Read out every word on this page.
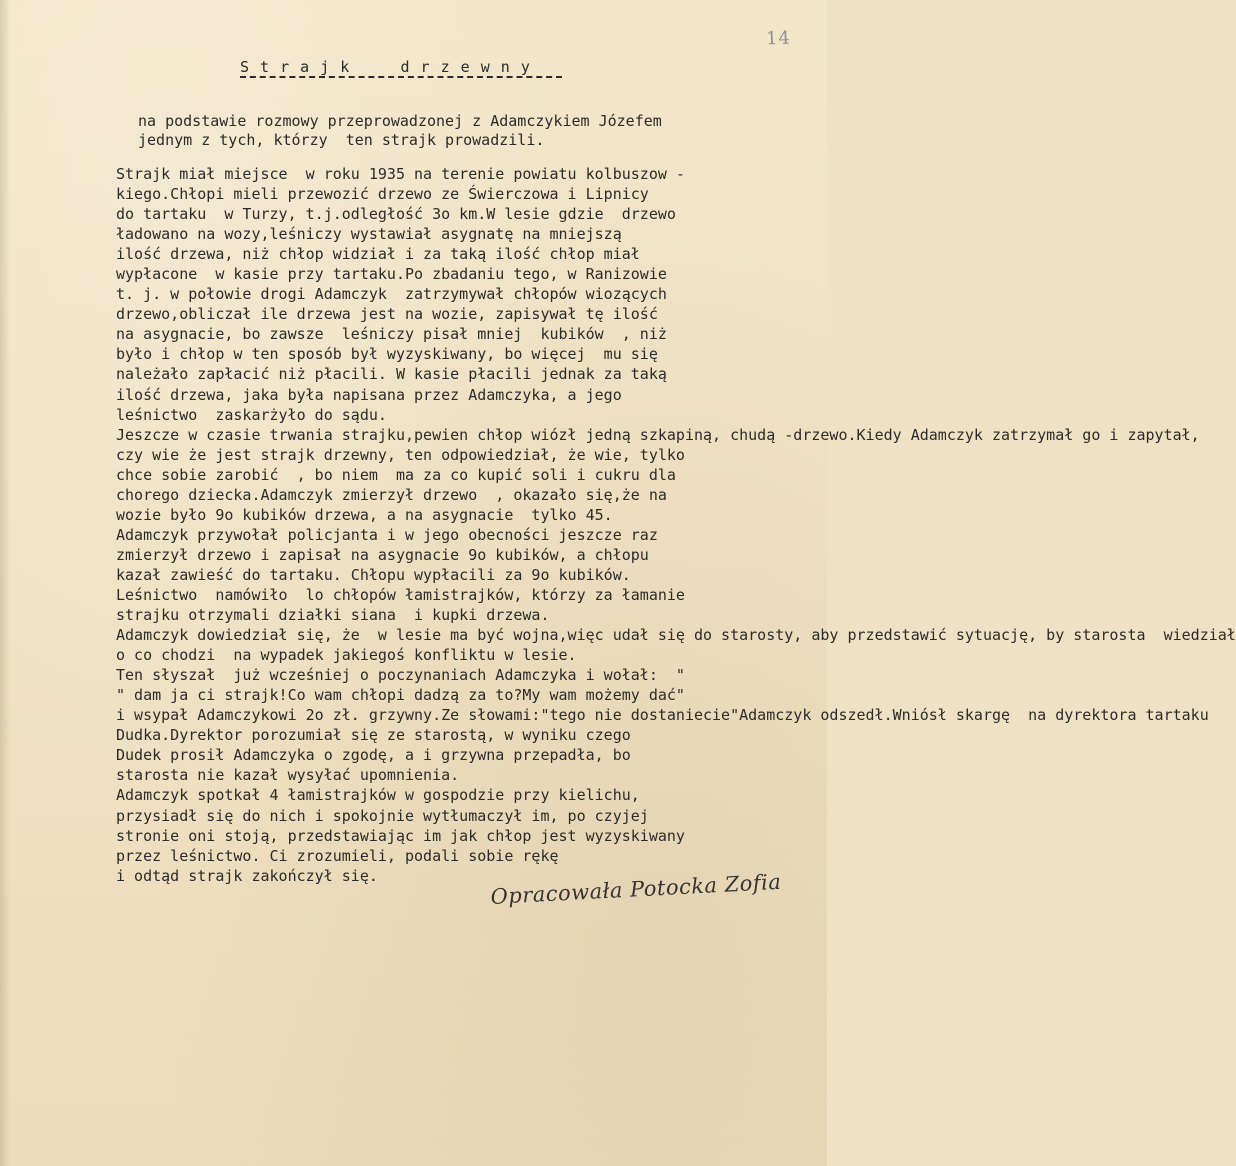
14
S t r a j k     d r z e w n y
na podstawie rozmowy przeprowadzonej z Adamczykiem Józefem
jednym z tych, którzy  ten strajk prowadzili.
Strajk miał miejsce  w roku 1935 na terenie powiatu kolbuszow -
kiego.Chłopi mieli przewozić drzewo ze Świerczowa i Lipnicy
do tartaku  w Turzy, t.j.odległość 3o km.W lesie gdzie  drzewo
ładowano na wozy,leśniczy wystawiał asygnatę na mniejszą
ilość drzewa, niż chłop widział i za taką ilość chłop miał
wypłacone  w kasie przy tartaku.Po zbadaniu tego, w Ranizowie
t. j. w połowie drogi Adamczyk  zatrzymywał chłopów wiozących
drzewo,obliczał ile drzewa jest na wozie, zapisywał tę ilość
na asygnacie, bo zawsze  leśniczy pisał mniej  kubików  , niż
było i chłop w ten sposób był wyzyskiwany, bo więcej  mu się
należało zapłacić niż płacili. W kasie płacili jednak za taką
ilość drzewa, jaka była napisana przez Adamczyka, a jego
leśnictwo  zaskarżyło do sądu.
Jeszcze w czasie trwania strajku,pewien chłop wiózł jedną szkapiną, chudą -drzewo.Kiedy Adamczyk zatrzymał go i zapytał,
czy wie że jest strajk drzewny, ten odpowiedział, że wie, tylko
chce sobie zarobić  , bo niem  ma za co kupić soli i cukru dla
chorego dziecka.Adamczyk zmierzył drzewo  , okazało się,że na
wozie było 9o kubików drzewa, a na asygnacie  tylko 45.
Adamczyk przywołał policjanta i w jego obecności jeszcze raz
zmierzył drzewo i zapisał na asygnacie 9o kubików, a chłopu
kazał zawieść do tartaku. Chłopu wypłacili za 9o kubików.
Leśnictwo  namówiło  lo chłopów łamistrajków, którzy za łamanie
strajku otrzymali działki siana  i kupki drzewa.
Adamczyk dowiedział się, że  w lesie ma być wojna,więc udał się do starosty, aby przedstawić sytuację, by starosta  wiedział
o co chodzi  na wypadek jakiegoś konfliktu w lesie.
Ten słyszał  już wcześniej o poczynaniach Adamczyka i wołał:  "
" dam ja ci strajk!Co wam chłopi dadzą za to?My wam możemy dać"
i wsypał Adamczykowi 2o zł. grzywny.Ze słowami:"tego nie dostaniecie"Adamczyk odszedł.Wniósł skargę  na dyrektora tartaku
Dudka.Dyrektor porozumiał się ze starostą, w wyniku czego
Dudek prosił Adamczyka o zgodę, a i grzywna przepadła, bo
starosta nie kazał wysyłać upomnienia.
Adamczyk spotkał 4 łamistrajków w gospodzie przy kielichu,
przysiadł się do nich i spokojnie wytłumaczył im, po czyjej
stronie oni stoją, przedstawiając im jak chłop jest wyzyskiwany
przez leśnictwo. Ci zrozumieli, podali sobie rękę
i odtąd strajk zakończył się.	Opracowała Potocka Zofia
